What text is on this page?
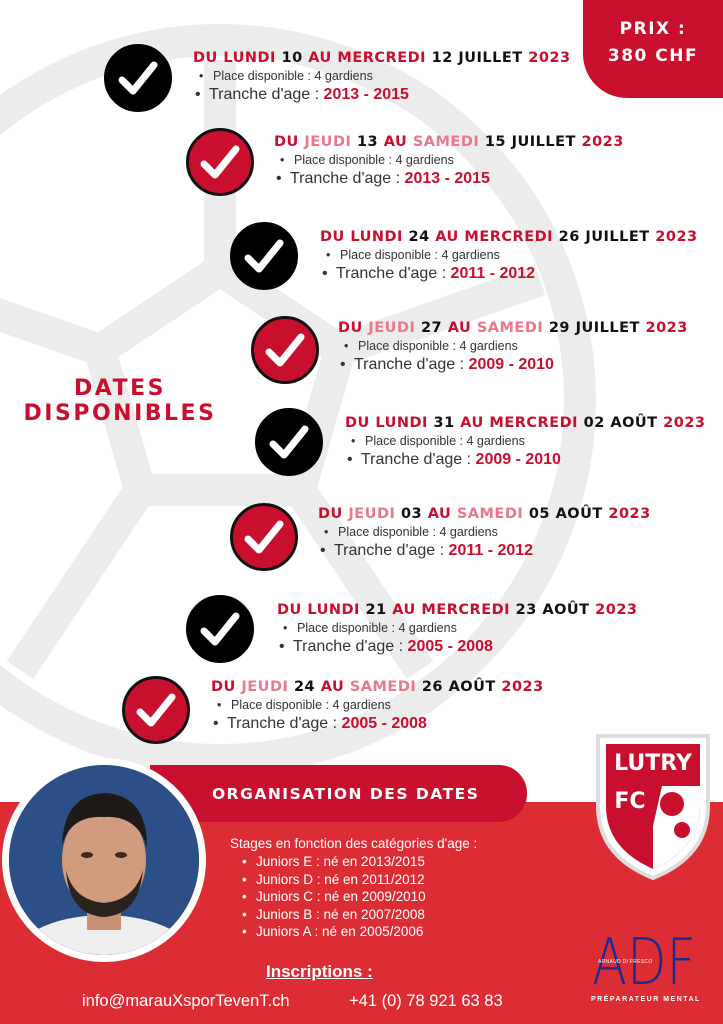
PRIX :
380 CHF
DATES
DISPONIBLES
DU LUNDI 10 AU MERCREDI 12 JUILLET 2023
• Place disponible : 4 gardiens
• Tranche d'age : 2013 - 2015
DU JEUDI 13 AU SAMEDI 15 JUILLET 2023
• Place disponible : 4 gardiens
• Tranche d'age : 2013 - 2015
DU LUNDI 24 AU MERCREDI 26 JUILLET 2023
• Place disponible : 4 gardiens
• Tranche d'age : 2011 - 2012
DU JEUDI 27 AU SAMEDI 29 JUILLET 2023
• Place disponible : 4 gardiens
• Tranche d'age : 2009 - 2010
DU LUNDI 31 AU MERCREDI 02 AOÛT 2023
• Place disponible : 4 gardiens
• Tranche d'age : 2009 - 2010
DU JEUDI 03 AU SAMEDI 05 AOÛT 2023
• Place disponible : 4 gardiens
• Tranche d'age : 2011 - 2012
DU LUNDI 21 AU MERCREDI 23 AOÛT 2023
• Place disponible : 4 gardiens
• Tranche d'age : 2005 - 2008
DU JEUDI 24 AU SAMEDI 26 AOÛT 2023
• Place disponible : 4 gardiens
• Tranche d'age : 2005 - 2008
ORGANISATION DES DATES
Stages en fonction des catégories d'age :
• Juniors E : né en 2013/2015
• Juniors D : né en 2011/2012
• Juniors C : né en 2009/2010
• Juniors B : né en 2007/2008
• Juniors A : né en 2005/2006
Inscriptions :
info@marauXsporTevenT.ch	+41 (0) 78 921 63 83
LUTRY
FC
ADF
ARNAUD DI FRESCO
PRÉPARATEUR MENTAL
